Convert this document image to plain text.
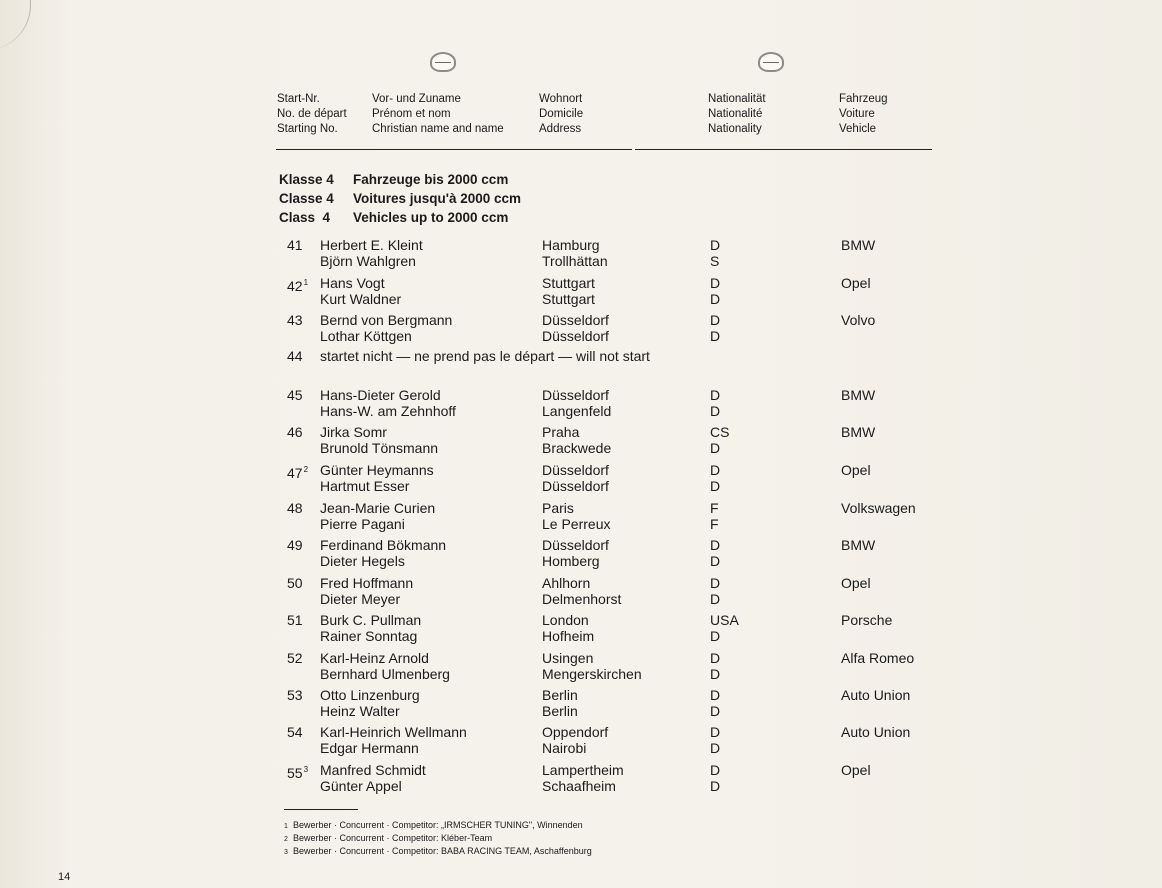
Start-Nr.
No. de départ
Starting No.
Vor- und Zuname
Prénom et nom
Christian name and name
Wohnort
Domicile
Address
Nationalität
Nationalité
Nationality
Fahrzeug
Voiture
Vehicle
Klasse 4 Fahrzeuge bis 2000 ccm
Classe 4 Voitures jusqu'à 2000 ccm
Class  4 Vehicles up to 2000 ccm
41 Herbert E. Kleint
Björn Wahlgren
Hamburg
Trollhättan
D
S
BMW
$42^1$ Hans Vogt
Kurt Waldner
Stuttgart
Stuttgart
D
D
Opel
43 Bernd von Bergmann
Lothar Köttgen
Düsseldorf
Düsseldorf
D
D
Volvo
45 Hans-Dieter Gerold
Hans-W. am Zehnhoff
Düsseldorf
Langenfeld
D
D
BMW
46 Jirka Somr
Brunold Tönsmann
Praha
Brackwede
CS
D
BMW
$47^2$ Günter Heymanns
Hartmut Esser
Düsseldorf
Düsseldorf
D
D
Opel
48 Jean-Marie Curien
Pierre Pagani
Paris
Le Perreux
F
F
Volkswagen
49 Ferdinand Bökmann
Dieter Hegels
Düsseldorf
Homberg
D
D
BMW
50 Fred Hoffmann
Dieter Meyer
Ahlhorn
Delmenhorst
D
D
Opel
51 Burk C. Pullman
Rainer Sonntag
London
Hofheim
USA
D
Porsche
52 Karl-Heinz Arnold
Bernhard Ulmenberg
Usingen
Mengerskirchen
D
D
Alfa Romeo
53 Otto Linzenburg
Heinz Walter
Berlin
Berlin
D
D
Auto Union
54 Karl-Heinrich Wellmann
Edgar Hermann
Oppendorf
Nairobi
D
D
Auto Union
$55^3$ Manfred Schmidt
Günter Appel
Lampertheim
Schaafheim
D
D
Opel
44 startet nicht — ne prend pas le départ — will not start
1 Bewerber · Concurrent · Competitor: „IRMSCHER TUNING", Winnenden
2 Bewerber · Concurrent · Competitor: Kléber-Team
3 Bewerber · Concurrent · Competitor: BABA RACING TEAM, Aschaffenburg
14
